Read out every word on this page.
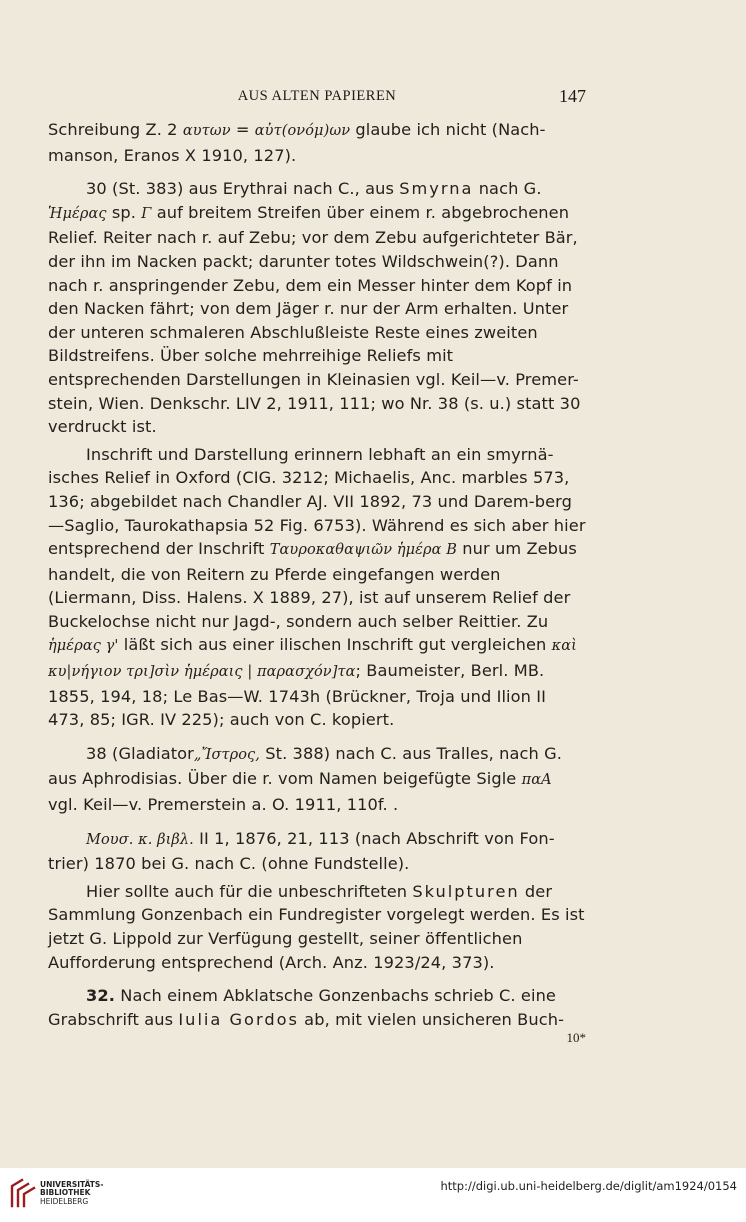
AUS ALTEN PAPIEREN	147

Schreibung Z. 2 αυτων = αὐτ(ονόμ)ων glaube ich nicht (Nach-manson, Eranos X 1910, 127).

30 (St. 383) aus Erythrai nach C., aus Smyrna nach G. Ἡμέρας sp. Γ auf breitem Streifen über einem r. abgebrochenen Relief. Reiter nach r. auf Zebu; vor dem Zebu aufgerichteter Bär, der ihn im Nacken packt; darunter totes Wildschwein(?). Dann nach r. anspringender Zebu, dem ein Messer hinter dem Kopf in den Nacken fährt; von dem Jäger r. nur der Arm erhalten. Unter der unteren schmaleren Abschlußleiste Reste eines zweiten Bildstreifens. Über solche mehrreihige Reliefs mit entsprechenden Darstellungen in Kleinasien vgl. Keil—v. Premer-stein, Wien. Denkschr. LIV 2, 1911, 111; wo Nr. 38 (s. u.) statt 30 verdruckt ist.

Inschrift und Darstellung erinnern lebhaft an ein smyrnä-isches Relief in Oxford (CIG. 3212; Michaelis, Anc. marbles 573, 136; abgebildet nach Chandler AJ. VII 1892, 73 und Darem-berg—Saglio, Taurokathapsia 52 Fig. 6753). Während es sich aber hier entsprechend der Inschrift Ταυροκαθαψιῶν ἡμέρα Β nur um Zebus handelt, die von Reitern zu Pferde eingefangen werden (Liermann, Diss. Halens. X 1889, 27), ist auf unserem Relief der Buckelochse nicht nur Jagd-, sondern auch selber Reittier. Zu ἡμέρας γ' läßt sich aus einer ilischen Inschrift gut vergleichen καὶ κυ|νήγιον τρι]σὶν ἡμέραις | παρασχόν]τα; Baumeister, Berl. MB. 1855, 194, 18; Le Bas—W. 1743h (Brückner, Troja und Ilion II 473, 85; IGR. IV 225); auch von C. kopiert.

38 (Gladiator„Ἴστρος, St. 388) nach C. aus Tralles, nach G. aus Aphrodisias. Über die r. vom Namen beigefügte Sigle παΑ vgl. Keil—v. Premerstein a. O. 1911, 110f. .

Μουσ. κ. βιβλ. II 1, 1876, 21, 113 (nach Abschrift von Fon-trier) 1870 bei G. nach C. (ohne Fundstelle).

Hier sollte auch für die unbeschrifteten Skulpturen der Sammlung Gonzenbach ein Fundregister vorgelegt werden. Es ist jetzt G. Lippold zur Verfügung gestellt, seiner öffentlichen Aufforderung entsprechend (Arch. Anz. 1923/24, 373).

32. Nach einem Abklatsche Gonzenbachs schrieb C. eine Grabschrift aus Iulia Gordos ab, mit vielen unsicheren Buch-

10*
UNIVERSITÄTS-
BIBLIOTHEK
HEIDELBERG
http://digi.ub.uni-heidelberg.de/diglit/am1924/0154
